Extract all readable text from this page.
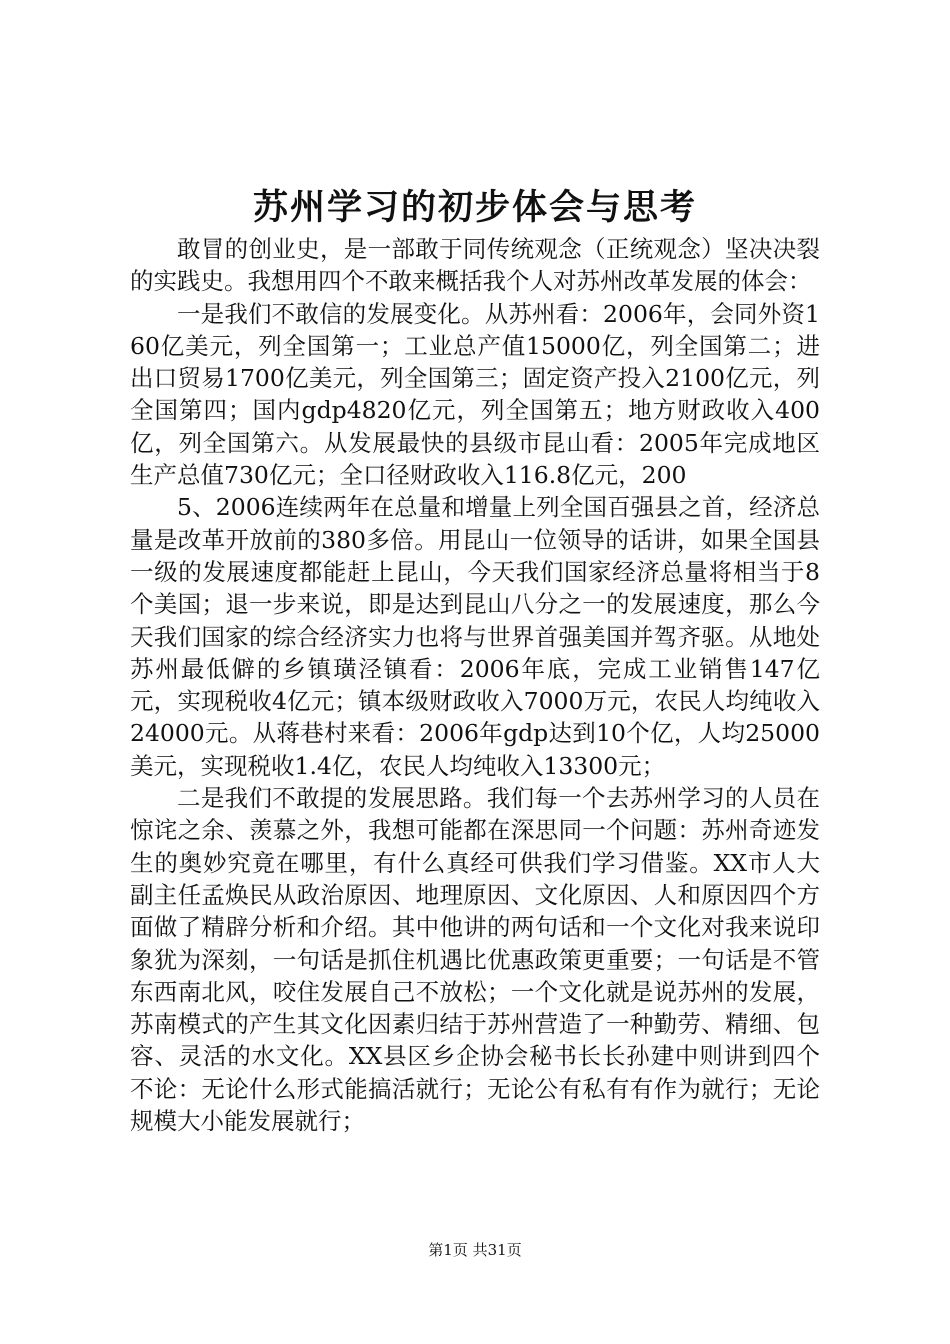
苏州学习的初步体会与思考

敢冒的创业史，是一部敢于同传统观念（正统观念）坚决决裂的实践史。我想用四个不敢来概括我个人对苏州改革发展的体会：

一是我们不敢信的发展变化。从苏州看：2006年，会同外资160亿美元，列全国第一；工业总产值15000亿，列全国第二；进出口贸易1700亿美元，列全国第三；固定资产投入2100亿元，列全国第四；国内gdp4820亿元，列全国第五；地方财政收入400亿，列全国第六。从发展最快的县级市昆山看：2005年完成地区生产总值730亿元；全口径财政收入116.8亿元，200

5、2006连续两年在总量和增量上列全国百强县之首，经济总量是改革开放前的380多倍。用昆山一位领导的话讲，如果全国县一级的发展速度都能赶上昆山，今天我们国家经济总量将相当于8个美国；退一步来说，即是达到昆山八分之一的发展速度，那么今天我们国家的综合经济实力也将与世界首强美国并驾齐驱。从地处苏州最低僻的乡镇璜泾镇看：2006年底，完成工业销售147亿元，实现税收4亿元；镇本级财政收入7000万元，农民人均纯收入24000元。从蒋巷村来看：2006年gdp达到10个亿，人均25000美元，实现税收1.4亿，农民人均纯收入13300元；

二是我们不敢提的发展思路。我们每一个去苏州学习的人员在惊诧之余、羡慕之外，我想可能都在深思同一个问题：苏州奇迹发生的奥妙究竟在哪里，有什么真经可供我们学习借鉴。XX市人大副主任孟焕民从政治原因、地理原因、文化原因、人和原因四个方面做了精辟分析和介绍。其中他讲的两句话和一个文化对我来说印象犹为深刻，一句话是抓住机遇比优惠政策更重要；一句话是不管东西南北风，咬住发展自己不放松；一个文化就是说苏州的发展，苏南模式的产生其文化因素归结于苏州营造了一种勤劳、精细、包容、灵活的水文化。XX县区乡企协会秘书长长孙建中则讲到四个不论：无论什么形式能搞活就行；无论公有私有有作为就行；无论规模大小能发展就行；

第1页 共31页
